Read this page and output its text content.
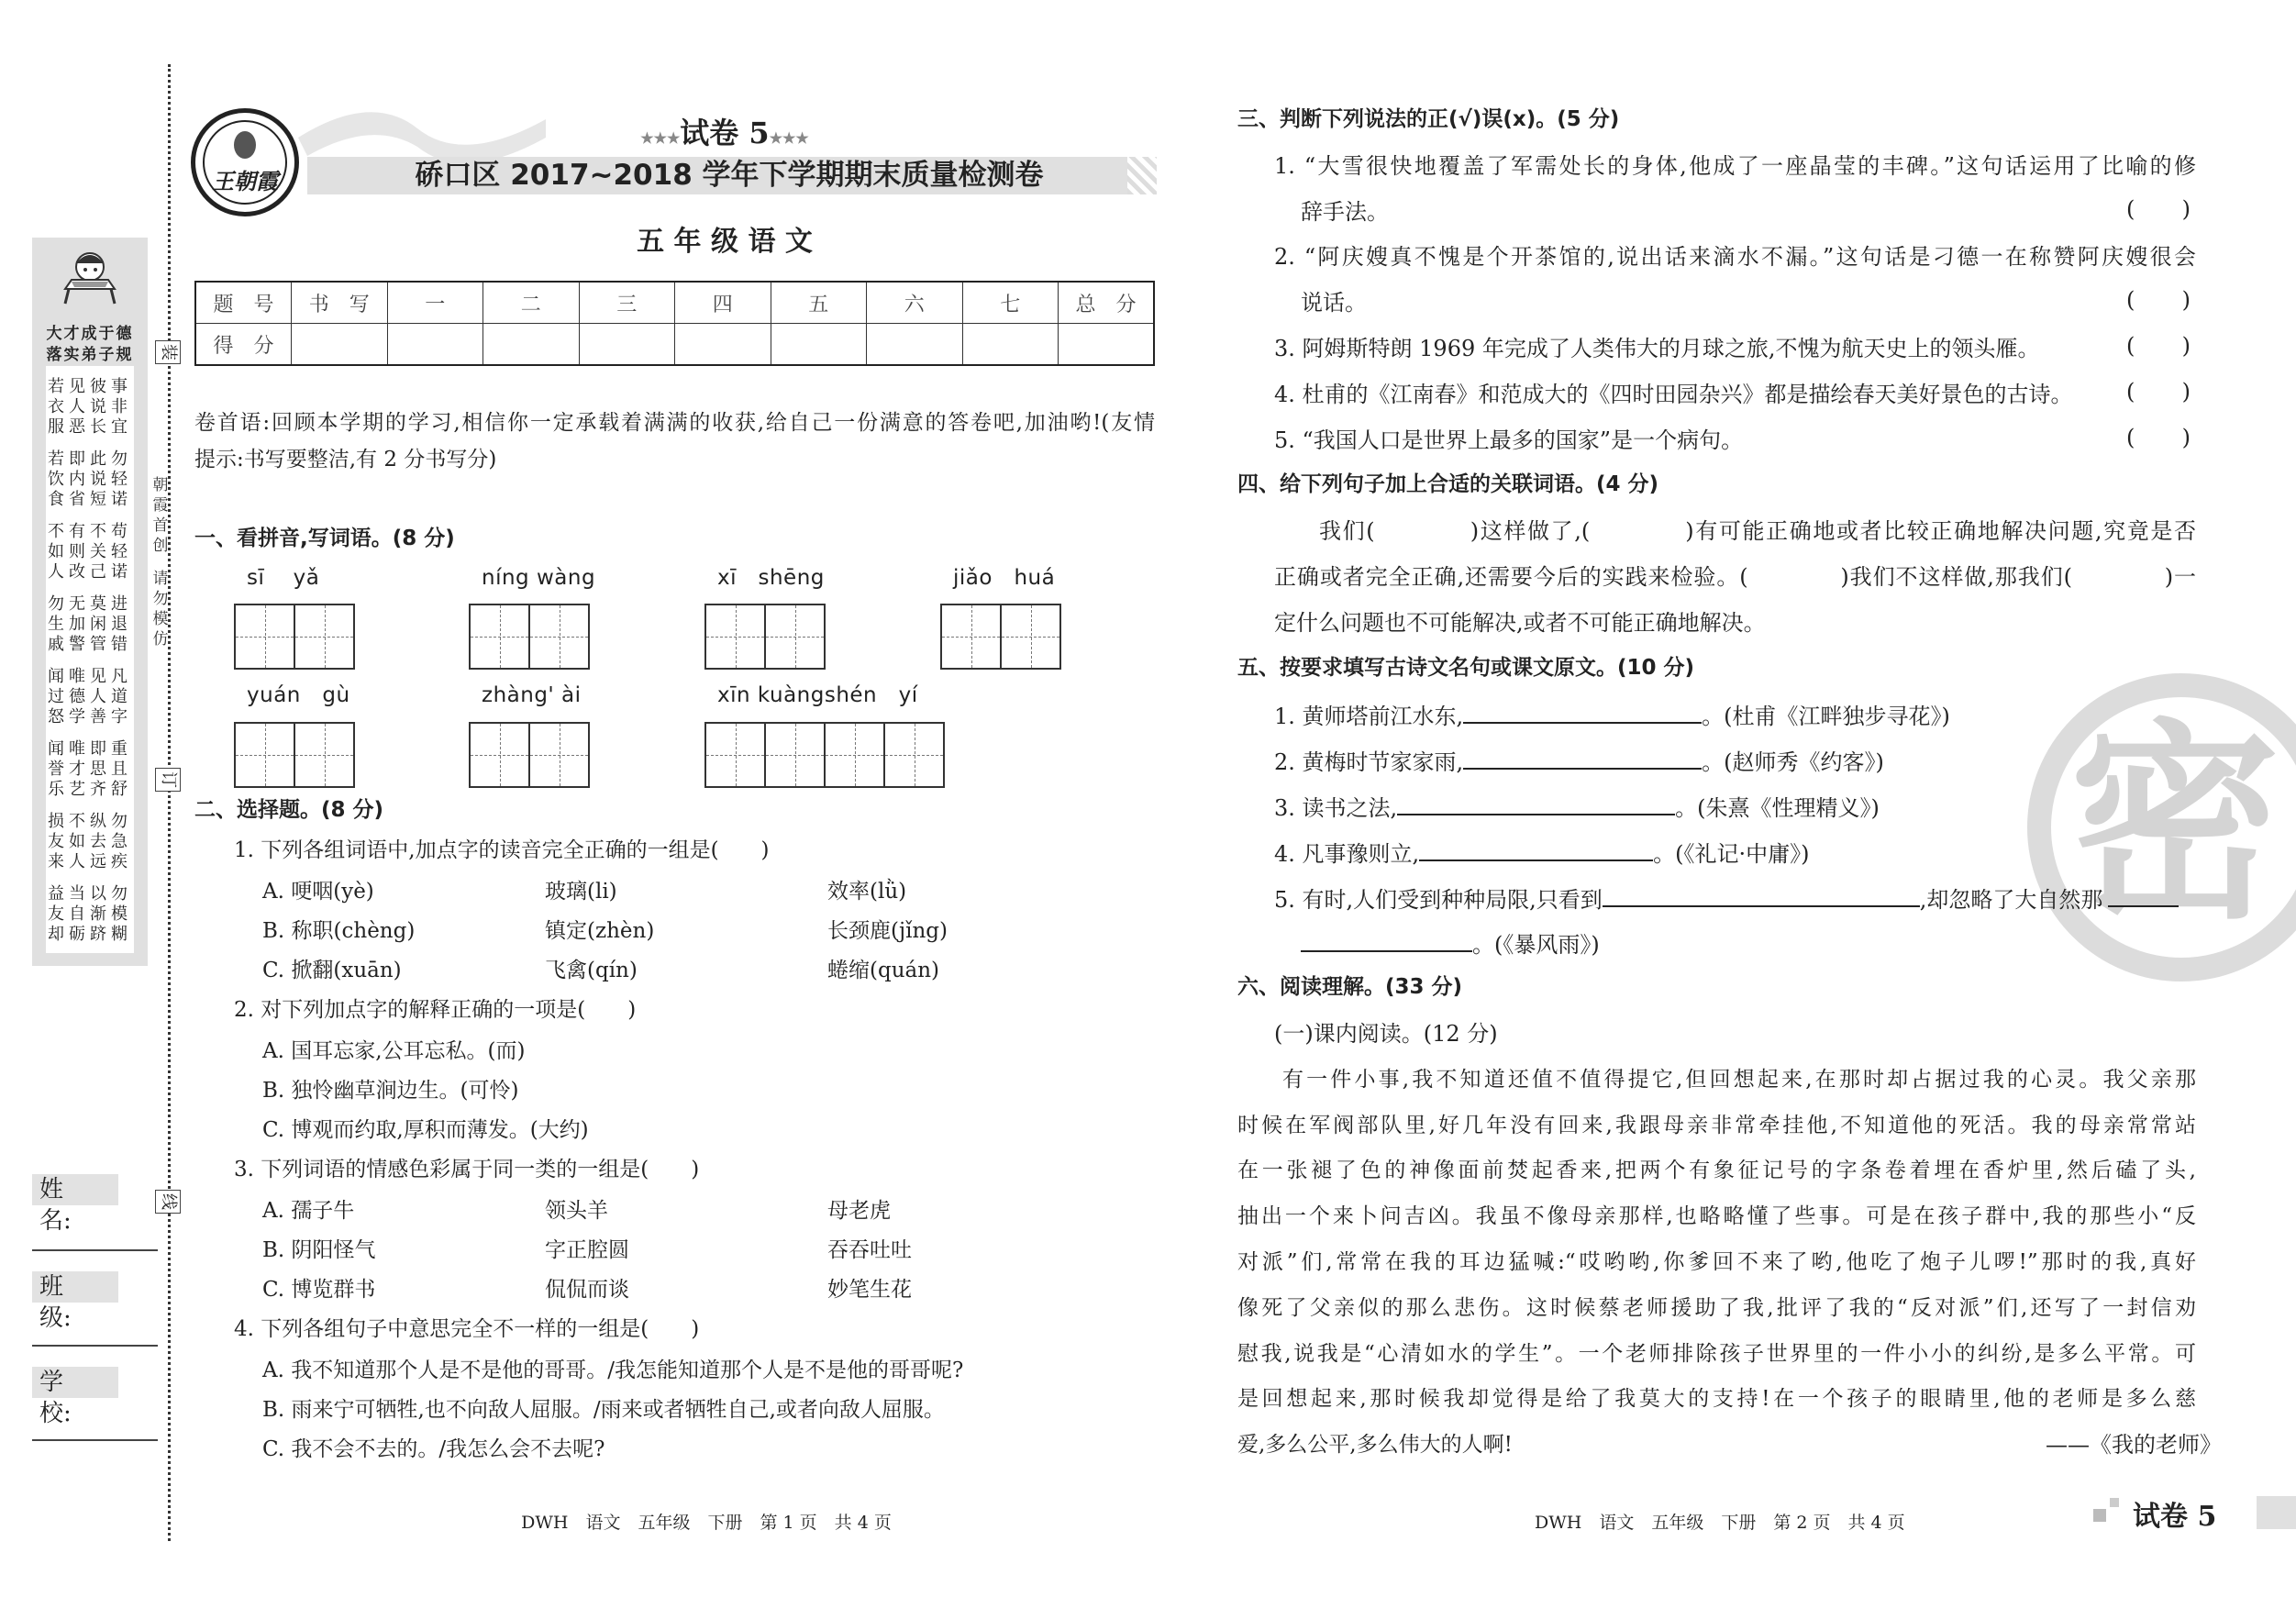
装
订
线
大才成于德
落实弟子规
若见彼事
衣人说非
服恶长宜
若即此勿
饮内说轻
食省短诺
不有不苟
如则关轻
人改己诺
勿无莫进
生加闲退
戚警管错
闻唯见凡
过德人道
怒学善字
闻唯即重
誉才思且
乐艺齐舒
损不纵勿
友如去急
来人远疾
益当以勿
友自渐模
却砺跻糊
姓　名:
班　级:
学　校:
王朝霞
★★★试卷 5★★★
硚口区 2017~2018 学年下学期期末质量检测卷
五 年 级 语 文
题　号	书　写	一	二	三	四	五	六	七	总　分
得　分									
卷首语:回顾本学期的学习,相信你一定承载着满满的收获,给自己一份满意的答卷吧,加油哟!(友情
提示:书写要整洁,有 2 分书写分)
一、看拼音,写词语。(8 分)
二、选择题。(8 分)
DWH　语文　五年级　下册　第 1 页　共 4 页
密
三、判断下列说法的正(√)误(x)。(5 分)
1. “大雪很快地覆盖了军需处长的身体,他成了一座晶莹的丰碑。”这句话运用了比喻的修
辞手法。	( )
2. “阿庆嫂真不愧是个开茶馆的,说出话来滴水不漏。”这句话是刁德一在称赞阿庆嫂很会
说话。	( )
3. 阿姆斯特朗 1969 年完成了人类伟大的月球之旅,不愧为航天史上的领头雁。	( )
4. 杜甫的《江南春》和范成大的《四时田园杂兴》都是描绘春天美好景色的古诗。 ( )
5. “我国人口是世界上最多的国家”是一个病句。	( )
四、给下列句子加上合适的关联词语。(4 分)
我们(　　　　)这样做了,(　　　　)有可能正确地或者比较正确地解决问题,究竟是否
正确或者完全正确,还需要今后的实践来检验。(　　　　)我们不这样做,那我们(　　　　)一
定什么问题也不可能解决,或者不可能正确地解决。
五、按要求填写古诗文名句或课文原文。(10 分)
1. 黄师塔前江水东,	。(杜甫《江畔独步寻花》)
2. 黄梅时节家家雨,	。(赵师秀《约客》)
3. 读书之法,	。(朱熹《性理精义》)
4. 凡事豫则立,	。(《礼记·中庸》)
5. 有时,人们受到种种局限,只看到	,却忽略了大自然那
。(《暴风雨》)
六、阅读理解。(33 分)
(一)课内阅读。(12 分)
有一件小事,我不知道还值不值得提它,但回想起来,在那时却占据过我的心灵。我父亲那
时候在军阀部队里,好几年没有回来,我跟母亲非常牵挂他,不知道他的死活。我的母亲常常站
在一张褪了色的神像面前焚起香来,把两个有象征记号的字条卷着埋在香炉里,然后磕了头,
抽出一个来卜问吉凶。我虽不像母亲那样,也略略懂了些事。可是在孩子群中,我的那些小“反
对派”们,常常在我的耳边猛喊:“哎哟哟,你爹回不来了哟,他吃了炮子儿啰!”那时的我,真好
像死了父亲似的那么悲伤。这时候蔡老师援助了我,批评了我的“反对派”们,还写了一封信劝
慰我,说我是“心清如水的学生”。一个老师排除孩子世界里的一件小小的纠纷,是多么平常。可
是回想起来,那时候我却觉得是给了我莫大的支持!在一个孩子的眼睛里,他的老师是多么慈
爱,多么公平,多么伟大的人啊!	——《我的老师》
DWH　语文　五年级　下册　第 2 页　共 4 页	试卷 5
朝
霞
首
创
请
勿
模
仿
sī　 yǎ	níng wàng	xī　shēng	jiǎo　huá
yuán　gù	zhàng' ài	xīn kuàngshén　yí
1. 下列各组词语中,加点字的读音完全正确的一组是(　　)
A. 哽咽(yè)	玻璃(li)	效率(lǜ)
B. 称职(chèng)	镇定(zhèn)	长颈鹿(jǐng)
C. 掀翻(xuān)	飞禽(qín)	蜷缩(quán)
2. 对下列加点字的解释正确的一项是(　　)
A. 国耳忘家,公耳忘私。(而)
B. 独怜幽草涧边生。(可怜)
C. 博观而约取,厚积而薄发。(大约)
3. 下列词语的情感色彩属于同一类的一组是(　　)
A. 孺子牛	领头羊	母老虎
B. 阴阳怪气	字正腔圆	吞吞吐吐
C. 博览群书	侃侃而谈	妙笔生花
4. 下列各组句子中意思完全不一样的一组是(　　)
A. 我不知道那个人是不是他的哥哥。/我怎能知道那个人是不是他的哥哥呢?
B. 雨来宁可牺牲,也不向敌人屈服。/雨来或者牺牲自己,或者向敌人屈服。
C. 我不会不去的。/我怎么会不去呢?
